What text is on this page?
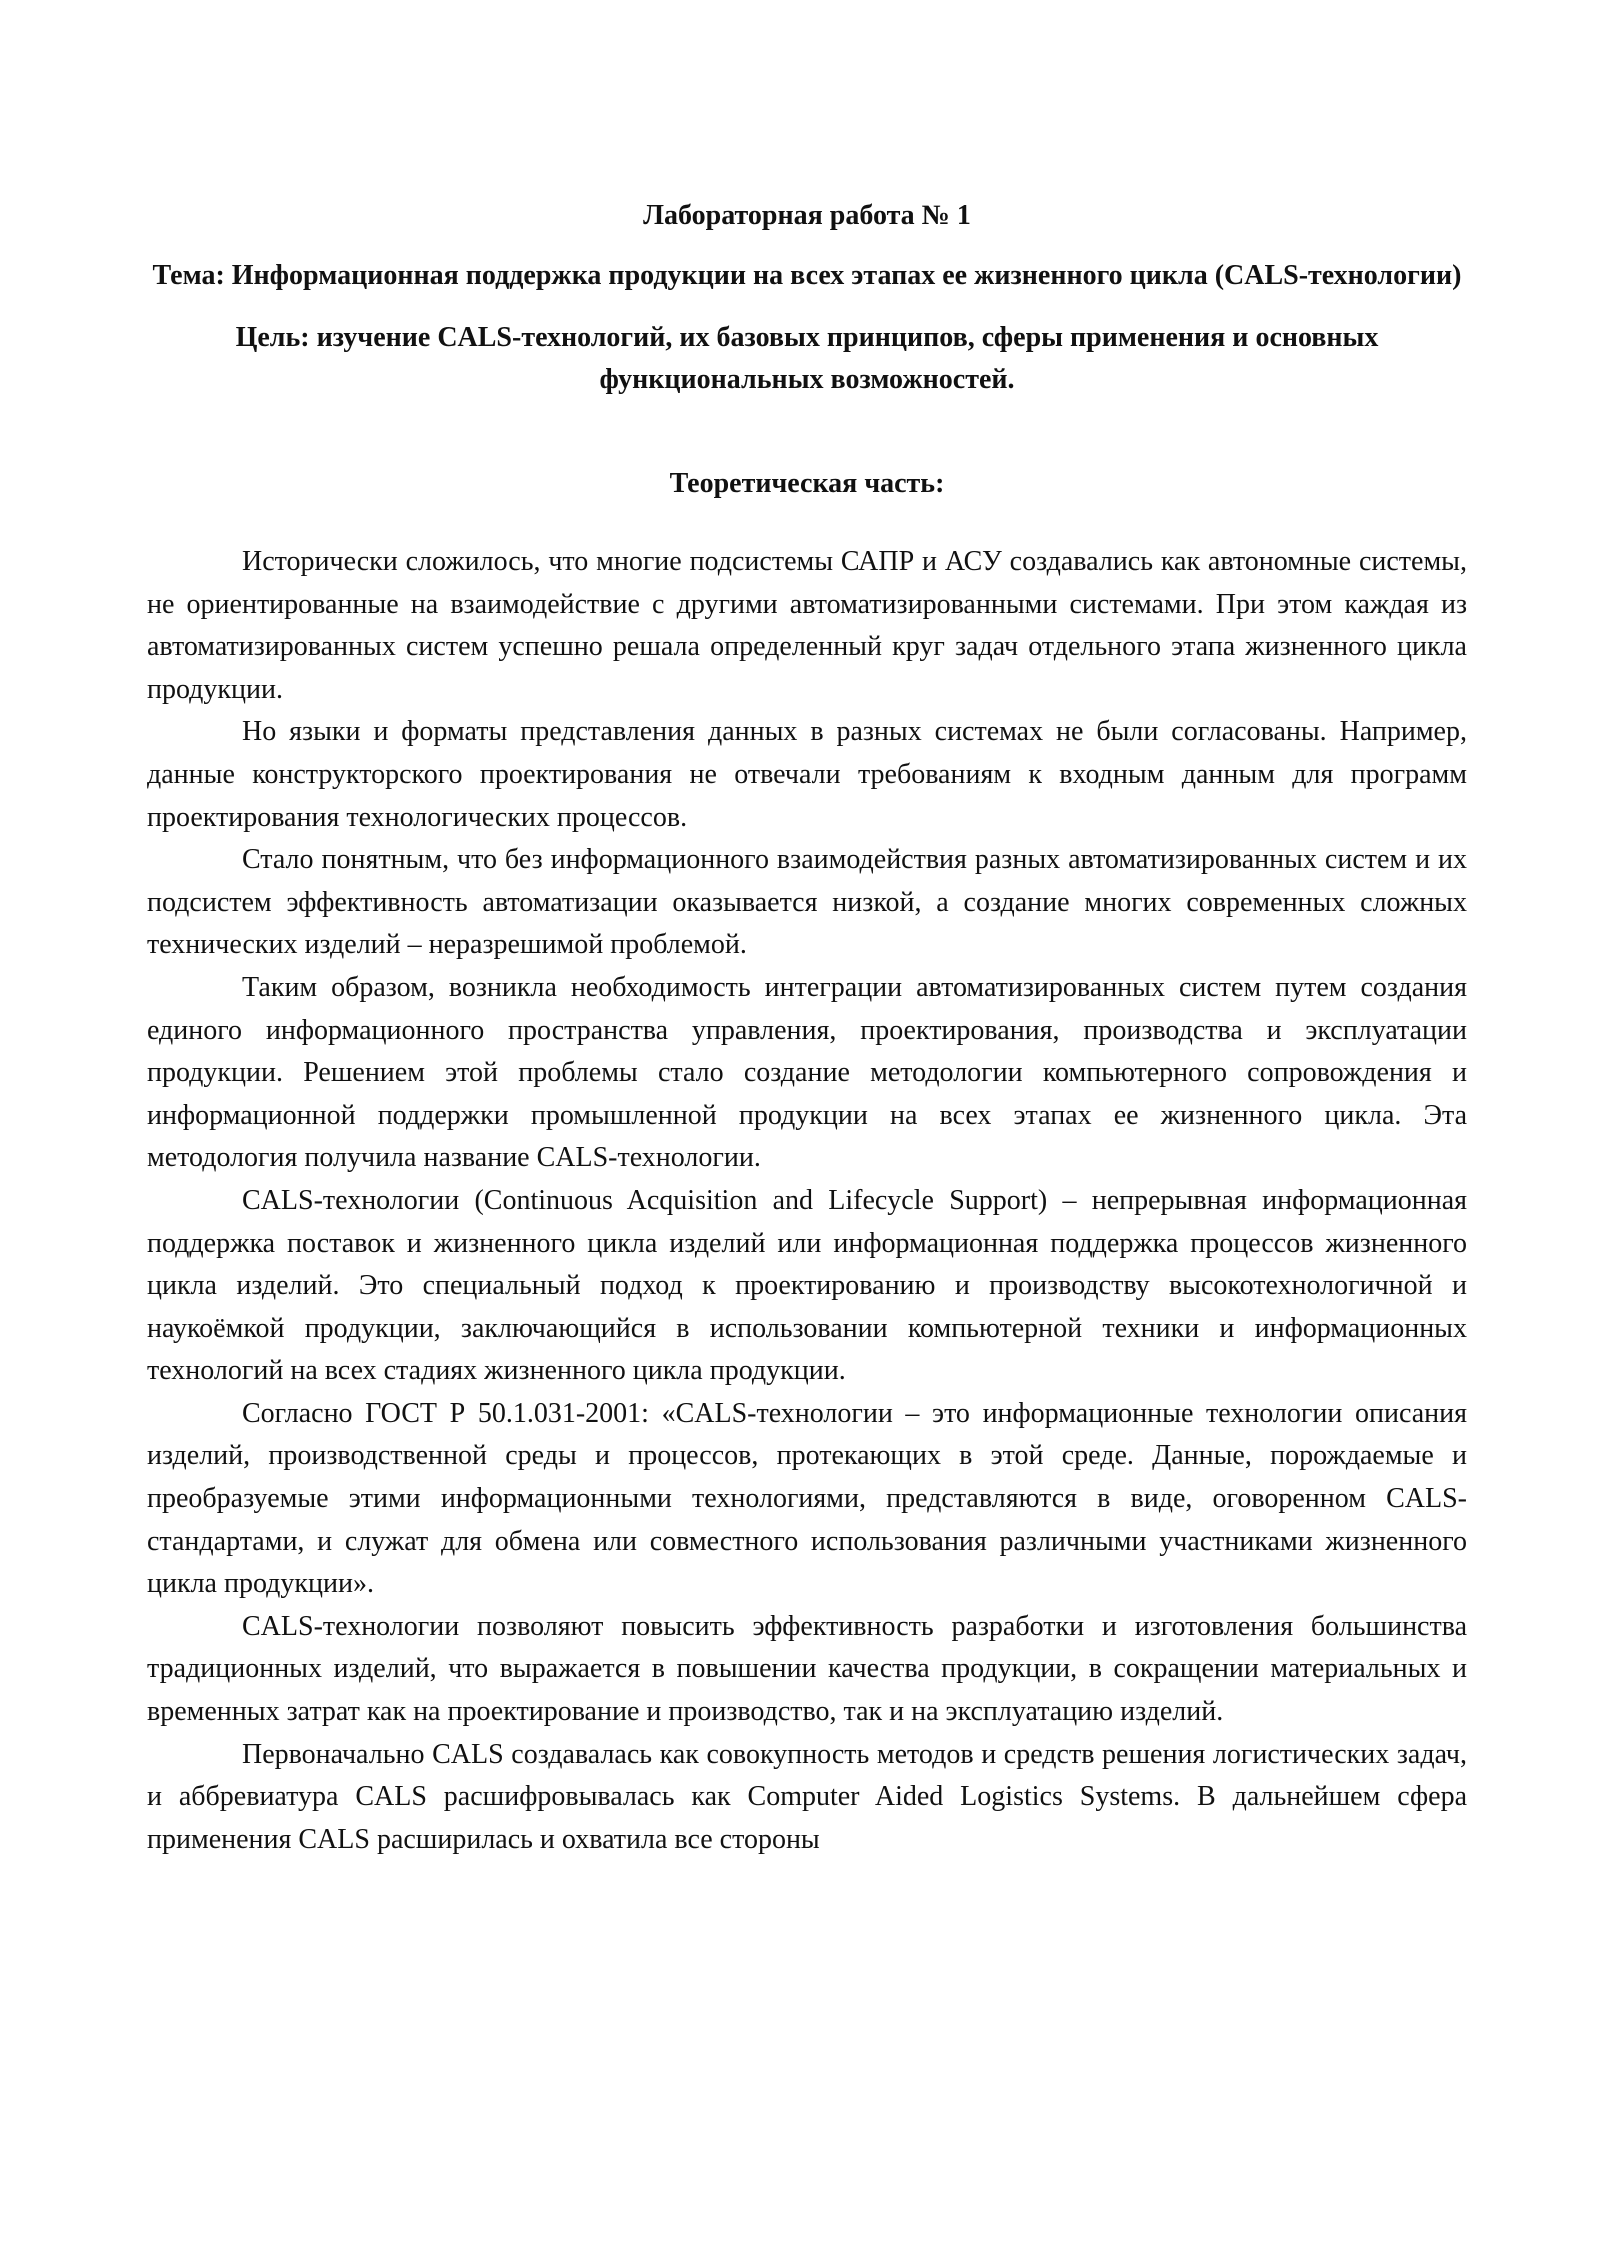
Лабораторная работа № 1

Тема: Информационная поддержка продукции на всех этапах ее жизненного цикла (CALS-технологии)

Цель: изучение CALS-технологий, их базовых принципов, сферы применения и основных функциональных возможностей.

Теоретическая часть:

Исторически сложилось, что многие подсистемы САПР и АСУ создавались как автономные системы, не ориентированные на взаимодействие с другими автоматизированными системами. При этом каждая из автоматизированных систем успешно решала определенный круг задач отдельного этапа жизненного цикла продукции.

Но языки и форматы представления данных в разных системах не были согласованы. Например, данные конструкторского проектирования не отвечали требованиям к входным данным для программ проектирования технологических процессов.

Стало понятным, что без информационного взаимодействия разных автоматизированных систем и их подсистем эффективность автоматизации оказывается низкой, а создание многих современных сложных технических изделий – неразрешимой проблемой.

Таким образом, возникла необходимость интеграции автоматизированных систем путем создания единого информационного пространства управления, проектирования, производства и эксплуатации продукции. Решением этой проблемы стало создание методологии компьютерного сопровождения и информационной поддержки промышленной продукции на всех этапах ее жизненного цикла. Эта методология получила название CALS-технологии.

CALS-технологии (Continuous Acquisition and Lifecycle Support) – непрерывная информационная поддержка поставок и жизненного цикла изделий или информационная поддержка процессов жизненного цикла изделий. Это специальный подход к проектированию и производству высокотехнологичной и наукоёмкой продукции, заключающийся в использовании компьютерной техники и информационных технологий на всех стадиях жизненного цикла продукции.

Согласно ГОСТ Р 50.1.031-2001: «CALS-технологии – это информационные технологии описания изделий, производственной среды и процессов, протекающих в этой среде. Данные, порождаемые и преобразуемые этими информационными технологиями, представляются в виде, оговоренном CALS-стандартами, и служат для обмена или совместного использования различными участниками жизненного цикла продукции».

CALS-технологии позволяют повысить эффективность разработки и изготовления большинства традиционных изделий, что выражается в повышении качества продукции, в сокращении материальных и временных затрат как на проектирование и производство, так и на эксплуатацию изделий.

Первоначально CALS создавалась как совокупность методов и средств решения логистических задач, и аббревиатура CALS расшифровывалась как Computer Aided Logistics Systems. В дальнейшем сфера применения CALS расширилась и охватила все стороны
